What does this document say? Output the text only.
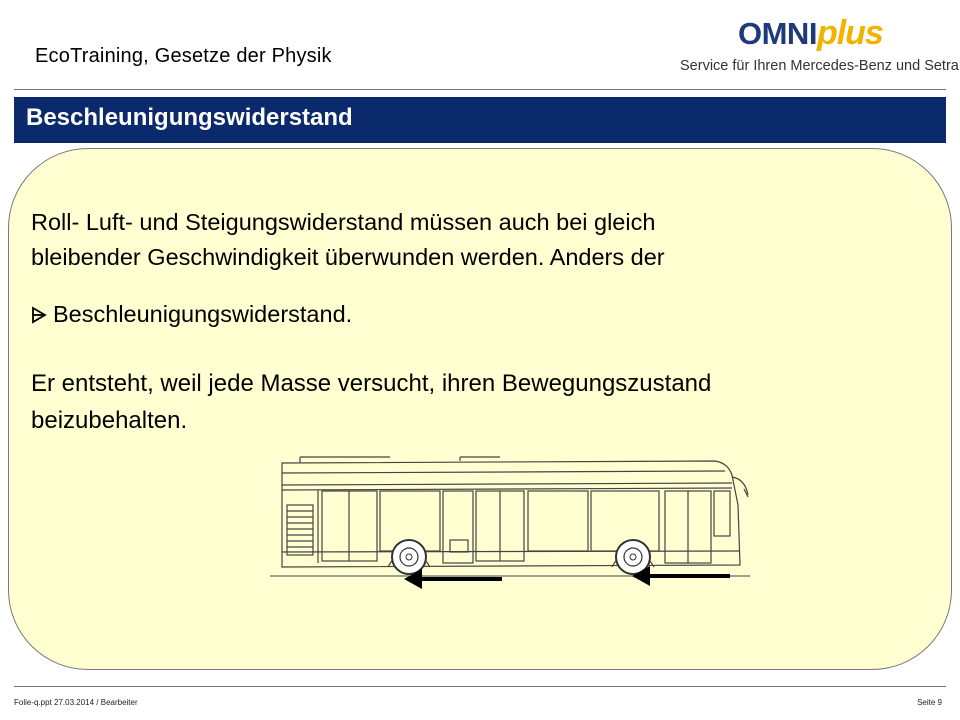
EcoTraining, Gesetze der Physik
OMNI plus
Service für Ihren Mercedes-Benz und Setra
Beschleunigungswiderstand
Roll- Luft- und Steigungswiderstand müssen auch bei gleich
bleibender Geschwindigkeit überwunden werden. Anders der
Beschleunigungswiderstand.
Er entsteht, weil jede Masse versucht, ihren Bewegungszustand
beizubehalten.
Folie-q.ppt 27.03.2014 / Bearbeiter	Seite 9
